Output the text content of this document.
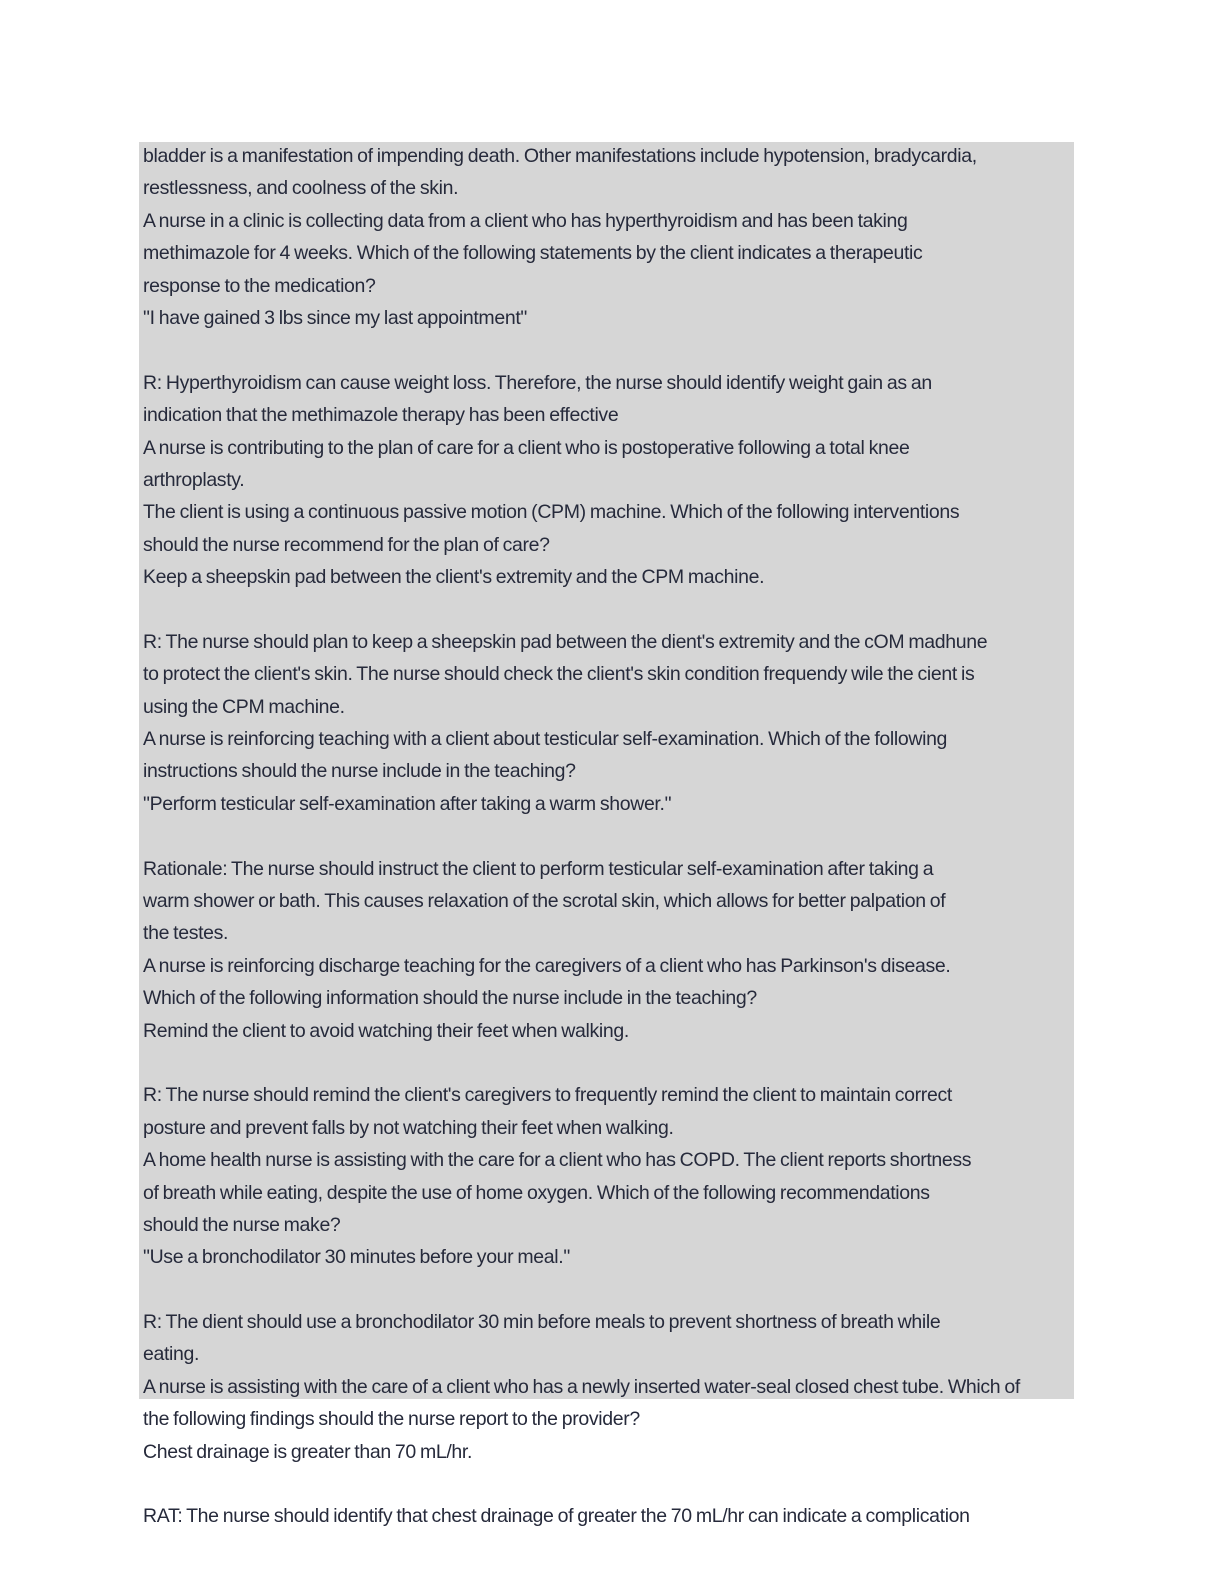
bladder is a manifestation of impending death. Other manifestations include hypotension, bradycardia,
restlessness, and coolness of the skin.
A nurse in a clinic is collecting data from a client who has hyperthyroidism and has been taking
methimazole for 4 weeks. Which of the following statements by the client indicates a therapeutic
response to the medication?
"I have gained 3 lbs since my last appointment"
R: Hyperthyroidism can cause weight loss. Therefore, the nurse should identify weight gain as an
indication that the methimazole therapy has been effective
A nurse is contributing to the plan of care for a client who is postoperative following a total knee
arthroplasty.
The client is using a continuous passive motion (CPM) machine. Which of the following interventions
should the nurse recommend for the plan of care?
Keep a sheepskin pad between the client's extremity and the CPM machine.
R: The nurse should plan to keep a sheepskin pad between the dient's extremity and the cOM madhune
to protect the client's skin. The nurse should check the client's skin condition frequendy wile the cient is
using the CPM machine.
A nurse is reinforcing teaching with a client about testicular self-examination. Which of the following
instructions should the nurse include in the teaching?
"Perform testicular self-examination after taking a warm shower."
Rationale: The nurse should instruct the client to perform testicular self-examination after taking a
warm shower or bath. This causes relaxation of the scrotal skin, which allows for better palpation of
the testes.
A nurse is reinforcing discharge teaching for the caregivers of a client who has Parkinson's disease.
Which of the following information should the nurse include in the teaching?
Remind the client to avoid watching their feet when walking.
R: The nurse should remind the client's caregivers to frequently remind the client to maintain correct
posture and prevent falls by not watching their feet when walking.
A home health nurse is assisting with the care for a client who has COPD. The client reports shortness
of breath while eating, despite the use of home oxygen. Which of the following recommendations
should the nurse make?
"Use a bronchodilator 30 minutes before your meal."
R: The dient should use a bronchodilator 30 min before meals to prevent shortness of breath while
eating.
A nurse is assisting with the care of a client who has a newly inserted water-seal closed chest tube. Which of
the following findings should the nurse report to the provider?
Chest drainage is greater than 70 mL/hr.
RAT: The nurse should identify that chest drainage of greater the 70 mL/hr can indicate a complication
